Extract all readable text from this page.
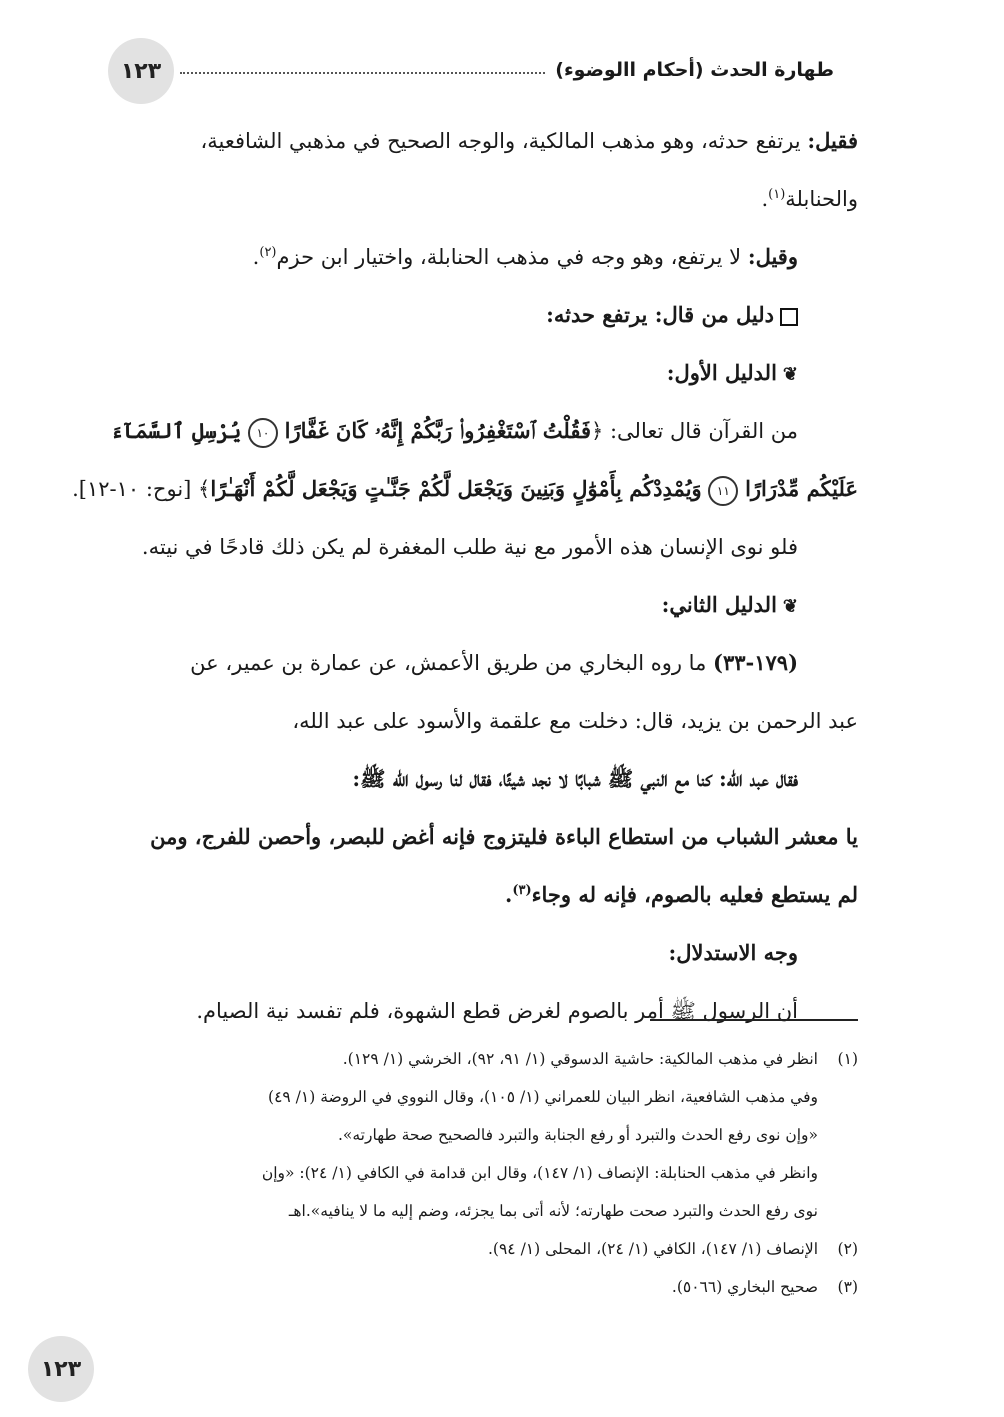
١٢٣	طهارة الحدث (أحكام االوضوء)
فقيل: يرتفع حدثه، وهو مذهب المالكية، والوجه الصحيح في مذهبي الشافعية،
والحنابلة$^{(١)}$.
وقيل: لا يرتفع، وهو وجه في مذهب الحنابلة، واختيار ابن حزم$^{(٢)}$.
دليل من قال: يرتفع حدثه:
❦الدليل الأول:
من القرآن قال تعالى: ﴿فَقُلْتُ ٱسْتَغْفِرُوا۟ رَبَّكُمْ إِنَّهُۥ كَانَ غَفَّارًا ١٠ يُرْسِلِ ٱلسَّمَآءَ
عَلَيْكُم مِّدْرَارًا ١١ وَيُمْدِدْكُم بِأَمْوَٰلٍ وَبَنِينَ وَيَجْعَل لَّكُمْ جَنَّـٰتٍ وَيَجْعَل لَّكُمْ أَنْهَـٰرًا﴾ [نوح: ١٠-١٢].
فلو نوى الإنسان هذه الأمور مع نية طلب المغفرة لم يكن ذلك قادحًا في نيته.
❦الدليل الثاني:
(١٧٩-٣٣) ما روه البخاري من طريق الأعمش، عن عمارة بن عمير، عن
عبد الرحمن بن يزيد، قال: دخلت مع علقمة والأسود على عبد الله،
فقال عبد الله: كنا مع النبي ﷺ شبابًا لا نجد شيئًا، فقال لنا رسول الله ﷺ:
يا معشر الشباب من استطاع الباءة فليتزوج فإنه أغض للبصر، وأحصن للفرج، ومن
لم يستطع فعليه بالصوم، فإنه له وجاء$^{(٣)}$.
وجه الاستدلال:
أن الرسول ﷺ أمر بالصوم لغرض قطع الشهوة، فلم تفسد نية الصيام.
(١)انظر في مذهب المالكية: حاشية الدسوقي (١/ ٩١، ٩٢)، الخرشي (١/ ١٢٩).
وفي مذهب الشافعية، انظر البيان للعمراني (١/ ١٠٥)، وقال النووي في الروضة (١/ ٤٩)
«وإن نوى رفع الحدث والتبرد أو رفع الجنابة والتبرد فالصحيح صحة طهارته».
وانظر في مذهب الحنابلة: الإنصاف (١/ ١٤٧)، وقال ابن قدامة في الكافي (١/ ٢٤): «وإن
نوى رفع الحدث والتبرد صحت طهارته؛ لأنه أتى بما يجزئه، وضم إليه ما لا ينافيه».اهـ
(٢)الإنصاف (١/ ١٤٧)، الكافي (١/ ٢٤)، المحلى (١/ ٩٤).
(٣)صحيح البخاري (٥٠٦٦).
١٢٣
